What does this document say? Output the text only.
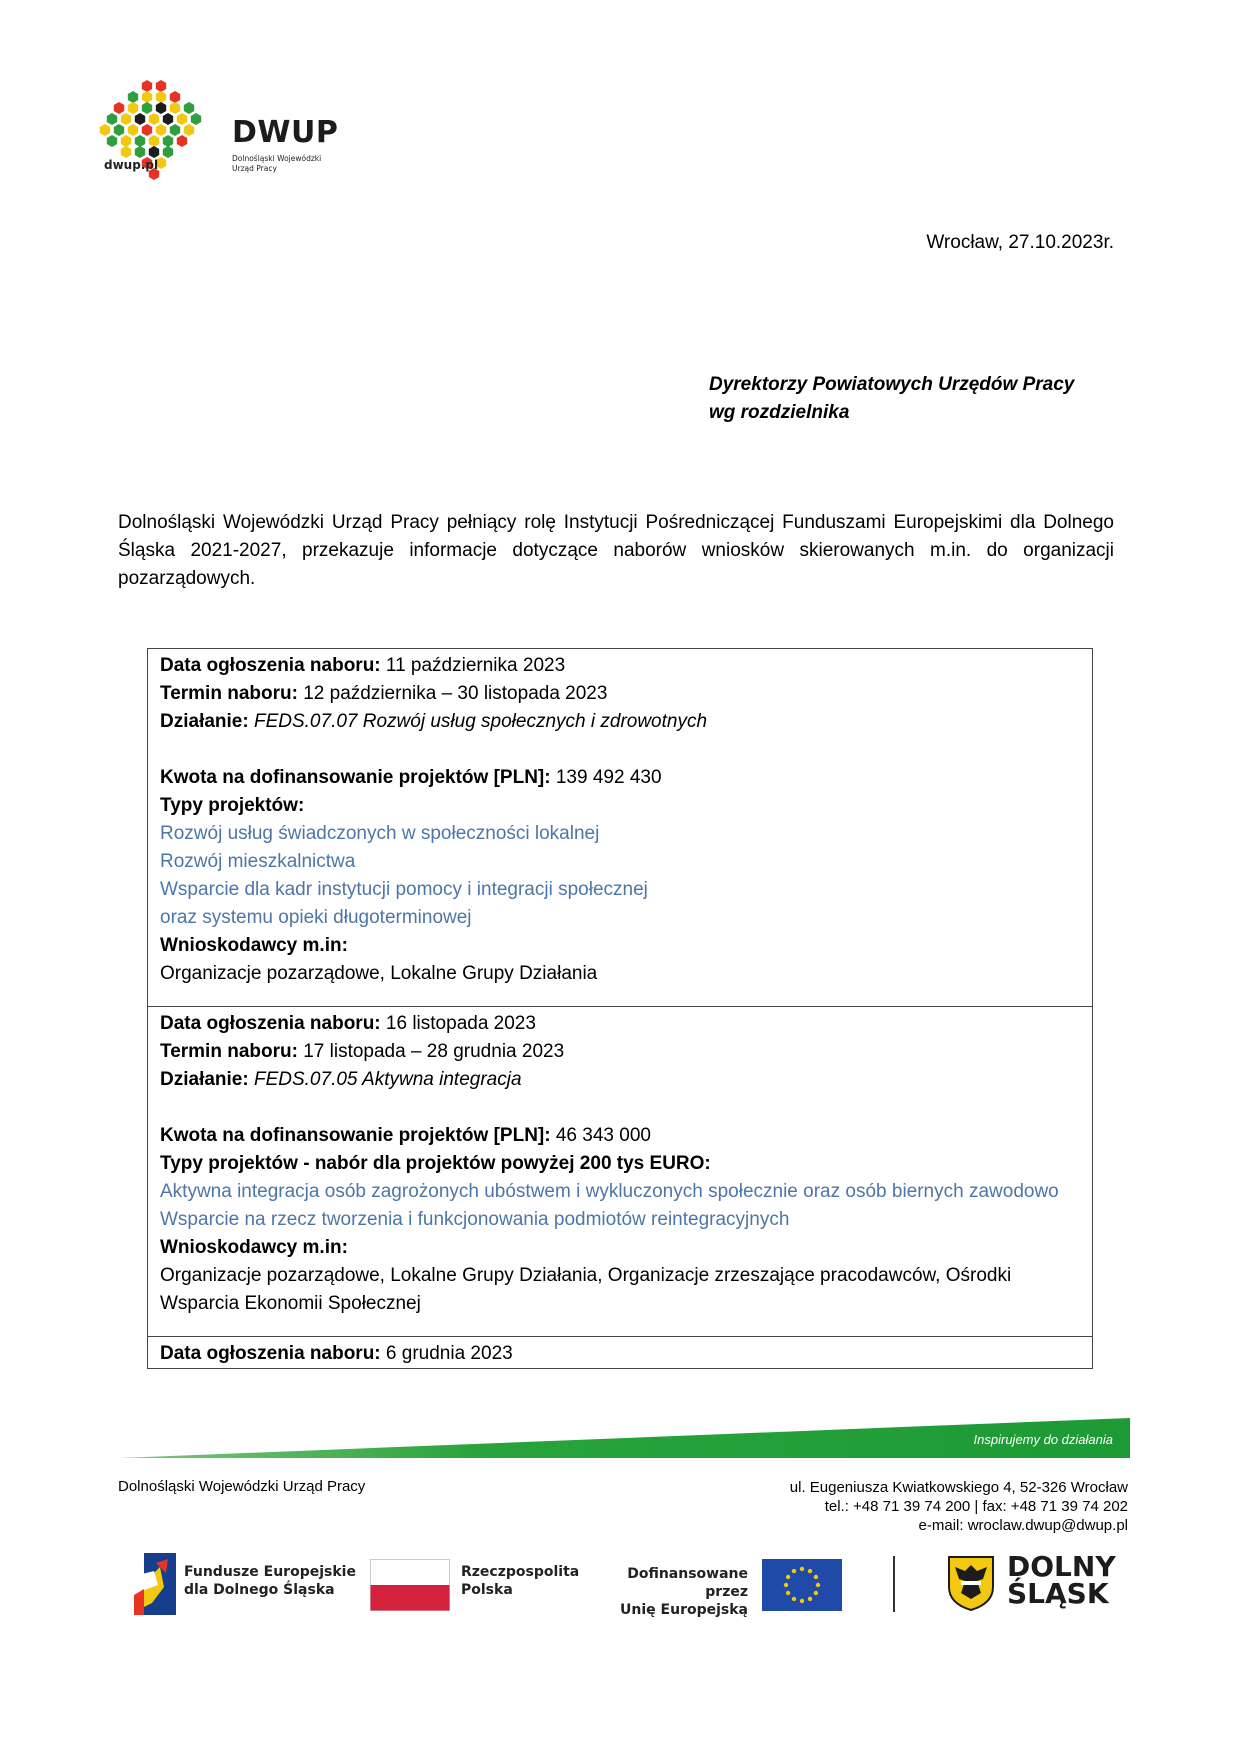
DWUP
Dolnośląski Wojewódzki
Urząd Pracy
dwup.pl
Wrocław, 27.10.2023r.
Dyrektorzy Powiatowych Urzędów Pracy
wg rozdzielnika
Dolnośląski Wojewódzki Urząd Pracy pełniący rolę Instytucji Pośredniczącej Funduszami Europejskimi dla Dolnego Śląska 2021-2027, przekazuje informacje dotyczące naborów wniosków skierowanych m.in. do organizacji pozarządowych.
Data ogłoszenia naboru: 11 października 2023
Termin naboru: 12 października – 30 listopada 2023
Działanie: FEDS.07.07 Rozwój usług społecznych i zdrowotnych
Kwota na dofinansowanie projektów [PLN]: 139 492 430
Typy projektów:
Rozwój usług świadczonych w społeczności lokalnej
Rozwój mieszkalnictwa
Wsparcie dla kadr instytucji pomocy i integracji społecznej
oraz systemu opieki długoterminowej
Wnioskodawcy m.in:
Organizacje pozarządowe, Lokalne Grupy Działania
Data ogłoszenia naboru: 16 listopada 2023
Termin naboru: 17 listopada – 28 grudnia 2023
Działanie: FEDS.07.05 Aktywna integracja
Kwota na dofinansowanie projektów [PLN]: 46 343 000
Typy projektów - nabór dla projektów powyżej 200 tys EURO:
Aktywna integracja osób zagrożonych ubóstwem i wykluczonych społecznie oraz osób biernych zawodowo
Wsparcie na rzecz tworzenia i funkcjonowania podmiotów reintegracyjnych
Wnioskodawcy m.in:
Organizacje pozarządowe, Lokalne Grupy Działania, Organizacje zrzeszające pracodawców, Ośrodki Wsparcia Ekonomii Społecznej
Data ogłoszenia naboru: 6 grudnia 2023
Inspirujemy do działania
Dolnośląski Wojewódzki Urząd Pracy	ul. Eugeniusza Kwiatkowskiego 4, 52-326 Wrocław
tel.: +48 71 39 74 200 | fax: +48 71 39 74 202
e-mail: wroclaw.dwup@dwup.pl
Fundusze Europejskie
dla Dolnego Śląska
Rzeczpospolita
Polska
Dofinansowane przez
Unię Europejską
DOLNY
ŚLĄSK
